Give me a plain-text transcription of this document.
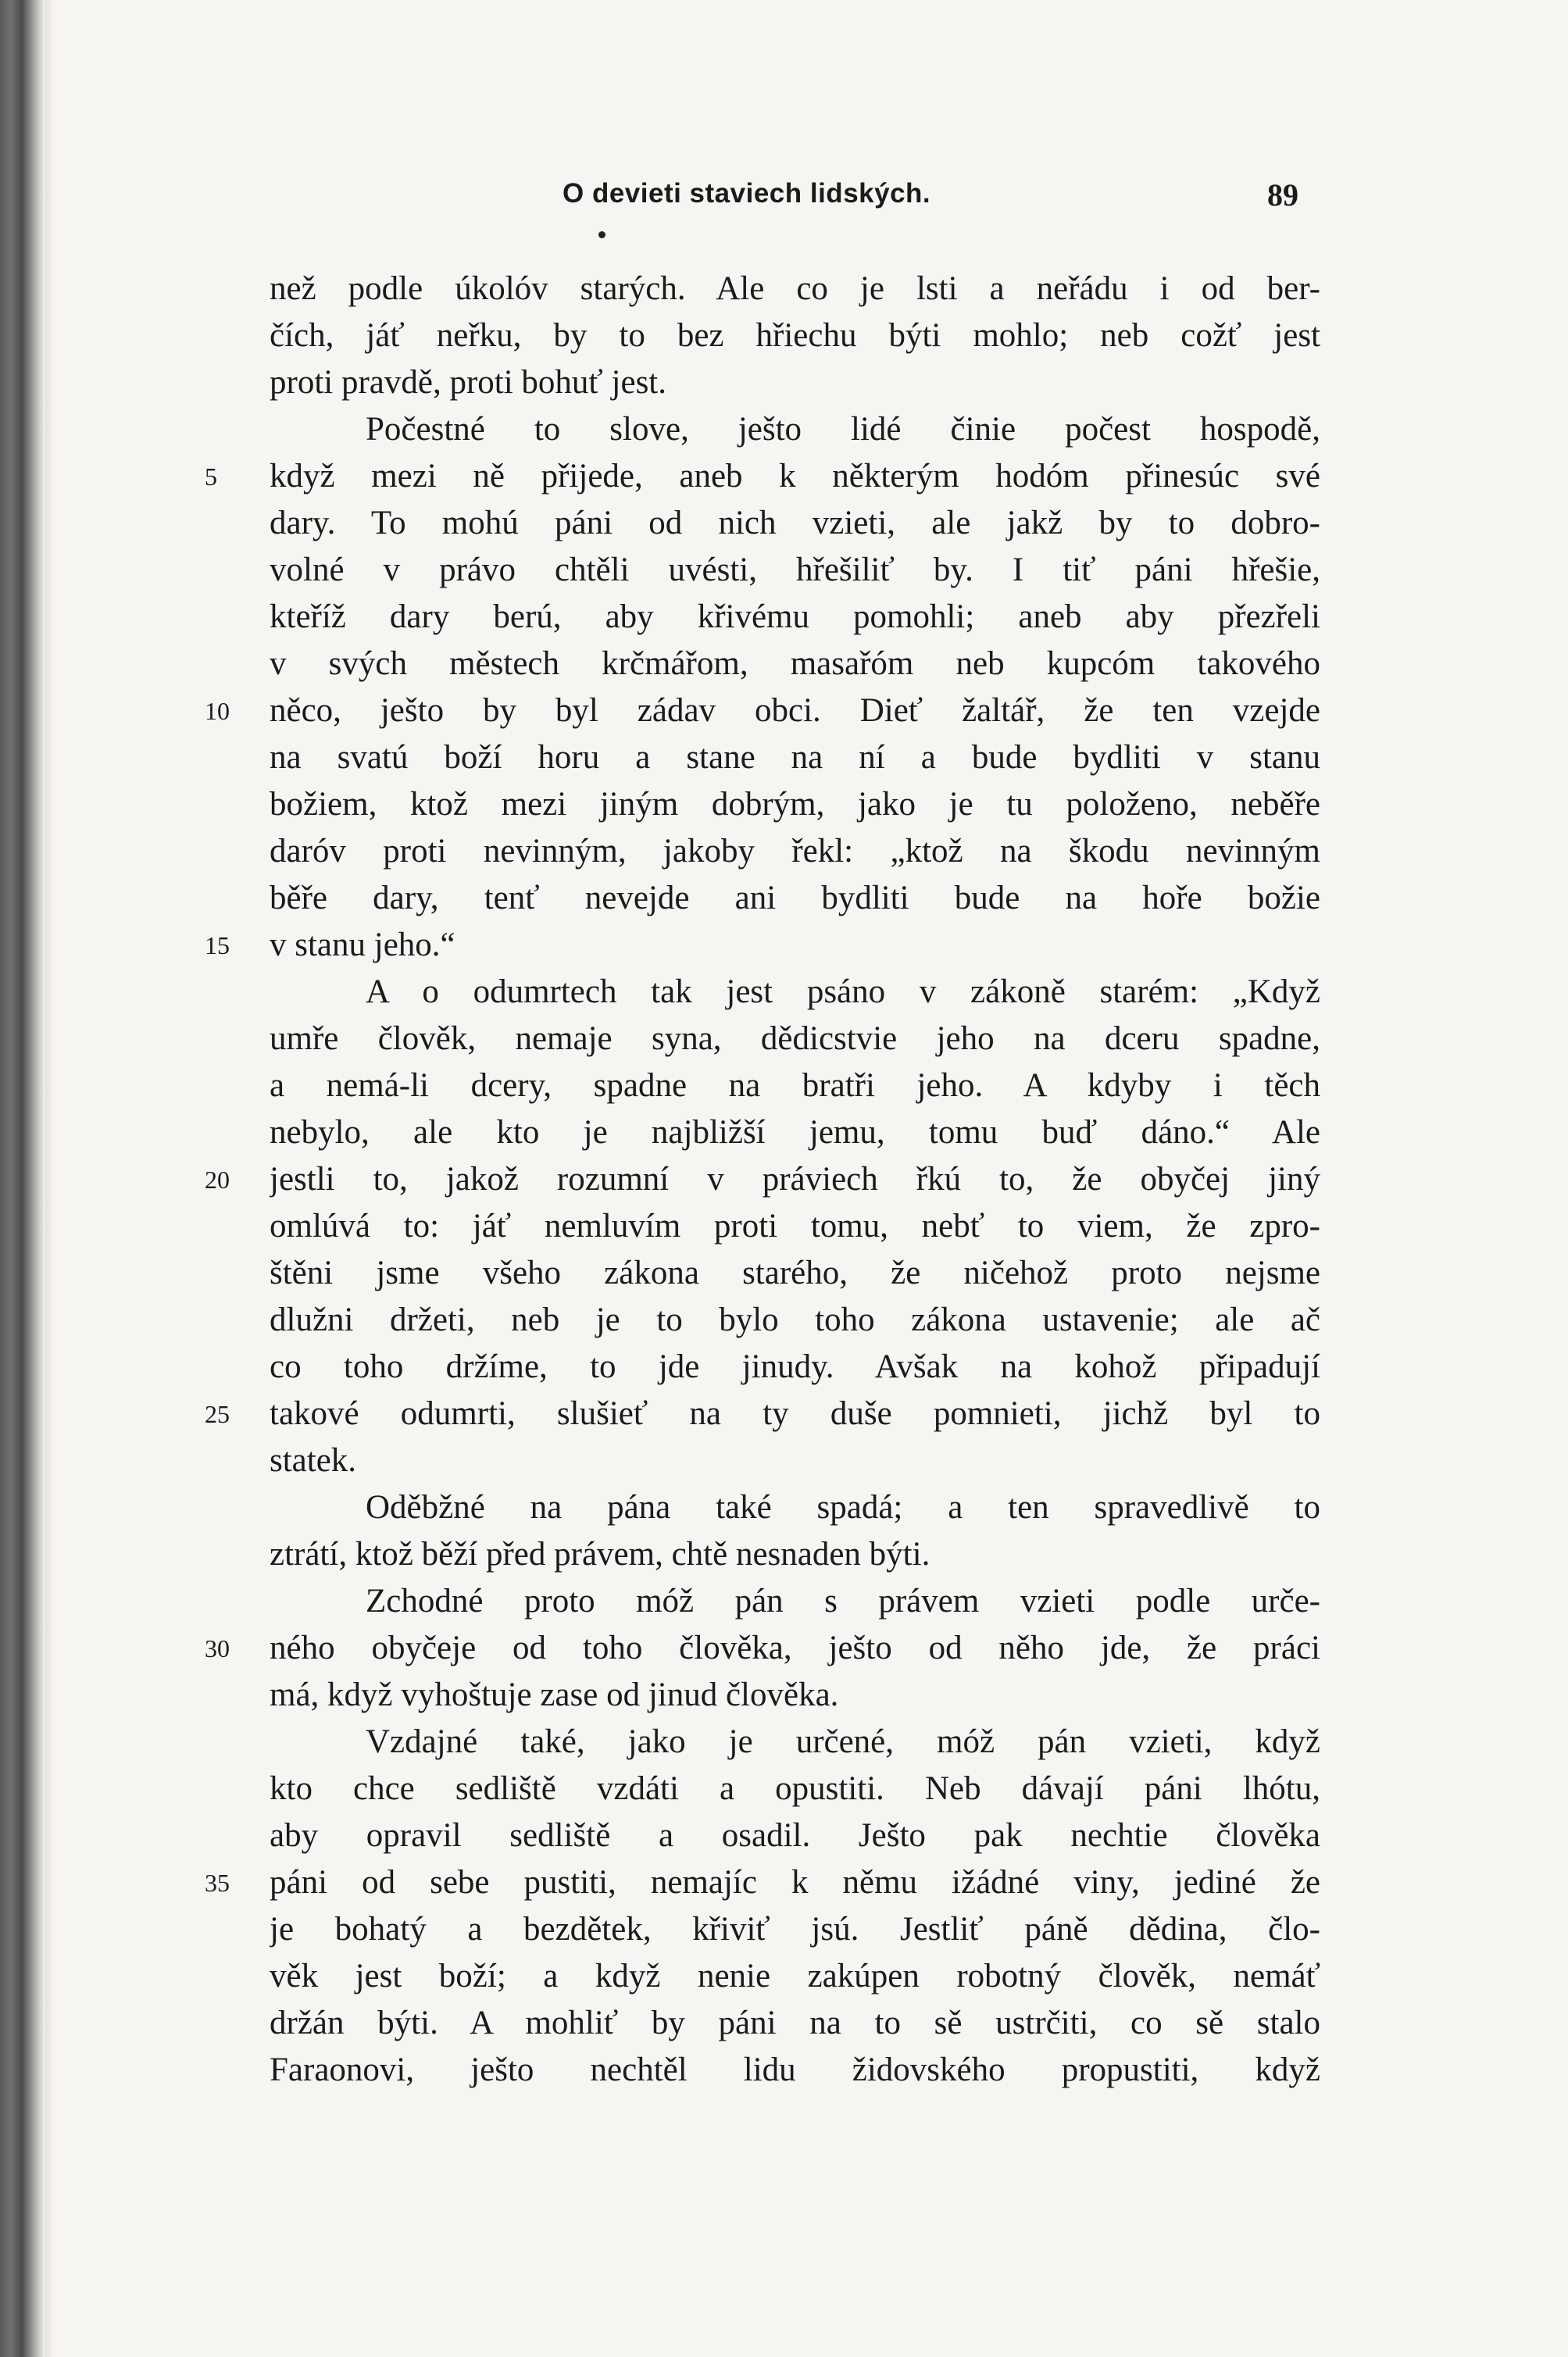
O devieti staviech lidských.	89
než podle úkolóv starých. Ale co je lsti a neřádu i od ber-
čích, jáť neřku, by to bez hřiechu býti mohlo; neb cožť jest
proti pravdě, proti bohuť jest.
Počestné to slove, ješto lidé činie počest hospodě,
5	když mezi ně přijede, aneb k některým hodóm přinesúc své
dary. To mohú páni od nich vzieti, ale jakž by to dobro-
volné v právo chtěli uvésti, hřešiliť by. I tiť páni hřešie,
kteříž dary berú, aby křivému pomohli; aneb aby přezřeli
v svých městech krčmářom, masařóm neb kupcóm takového
10	něco, ješto by byl zádav obci. Dieť žaltář, že ten vzejde
na svatú boží horu a stane na ní a bude bydliti v stanu
božiem, ktož mezi jiným dobrým, jako je tu položeno, neběře
daróv proti nevinným, jakoby řekl: „ktož na škodu nevinným
běře dary, tenť nevejde ani bydliti bude na hoře božie
15	v stanu jeho.“
A o odumrtech tak jest psáno v zákoně starém: „Když
umře člověk, nemaje syna, dědicstvie jeho na dceru spadne,
a nemá-li dcery, spadne na bratři jeho. A kdyby i těch
nebylo, ale kto je najbližší jemu, tomu buď dáno.“ Ale
20	jestli to, jakož rozumní v práviech řkú to, že obyčej jiný
omlúvá to: jáť nemluvím proti tomu, nebť to viem, že zpro-
štěni jsme všeho zákona starého, že ničehož proto nejsme
dlužni držeti, neb je to bylo toho zákona ustavenie; ale ač
co toho držíme, to jde jinudy. Avšak na kohož připadují
25	takové odumrti, slušieť na ty duše pomnieti, jichž byl to
statek.
Oděbžné na pána také spadá; a ten spravedlivě to
ztrátí, ktož běží před právem, chtě nesnaden býti.
Zchodné proto móž pán s právem vzieti podle urče-
30	ného obyčeje od toho člověka, ješto od něho jde, že práci
má, když vyhoštuje zase od jinud člověka.
Vzdajné také, jako je určené, móž pán vzieti, když
kto chce sedliště vzdáti a opustiti. Neb dávají páni lhótu,
aby opravil sedliště a osadil. Ješto pak nechtie člověka
35	páni od sebe pustiti, nemajíc k němu ižádné viny, jediné že
je bohatý a bezdětek, křiviť jsú. Jestliť páně dědina, člo-
věk jest boží; a když nenie zakúpen robotný člověk, nemáť
držán býti. A mohliť by páni na to sě ustrčiti, co sě stalo
Faraonovi, ješto nechtěl lidu židovského propustiti, když
